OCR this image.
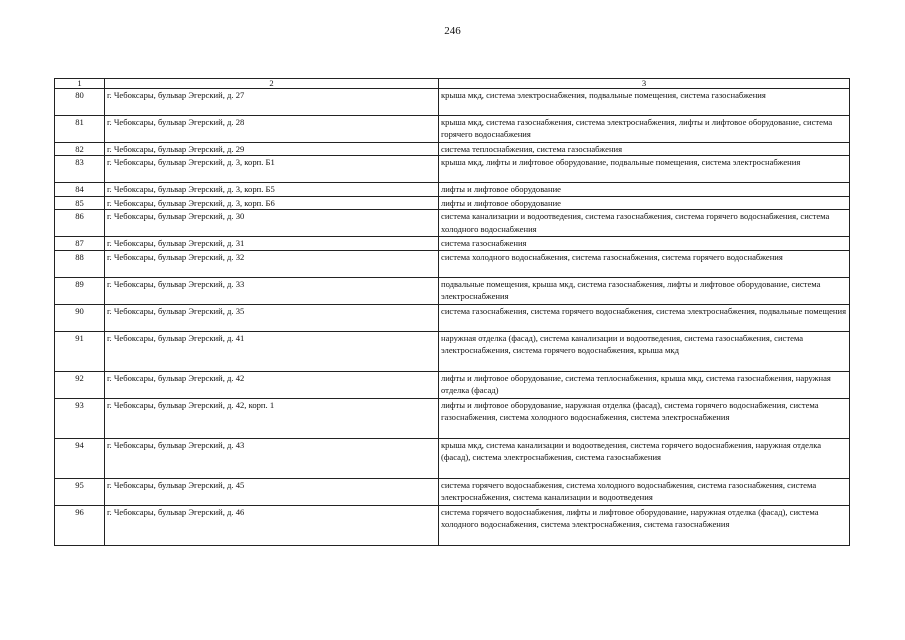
246
1	2	3
80	г. Чебоксары, бульвар Эгерский, д. 27	крыша мкд, система электроснабжения, подвальные помещения, система газоснабжения
81	г. Чебоксары, бульвар Эгерский, д. 28	крыша мкд, система газоснабжения, система электроснабжения, лифты и лифтовое оборудование, система горячего водоснабжения
82	г. Чебоксары, бульвар Эгерский, д. 29	система теплоснабжения, система газоснабжения
83	г. Чебоксары, бульвар Эгерский, д. 3, корп. Б1	крыша мкд, лифты и лифтовое оборудование, подвальные помещения, система электроснабжения
84	г. Чебоксары, бульвар Эгерский, д. 3, корп. Б5	лифты и лифтовое оборудование
85	г. Чебоксары, бульвар Эгерский, д. 3, корп. Б6	лифты и лифтовое оборудование
86	г. Чебоксары, бульвар Эгерский, д. 30	система канализации и водоотведения, система газоснабжения, система горячего водоснабжения, система холодного водоснабжения
87	г. Чебоксары, бульвар Эгерский, д. 31	система газоснабжения
88	г. Чебоксары, бульвар Эгерский, д. 32	система холодного водоснабжения, система газоснабжения, система горячего водоснабжения
89	г. Чебоксары, бульвар Эгерский, д. 33	подвальные помещения, крыша мкд, система газоснабжения, лифты и лифтовое оборудование, система электроснабжения
90	г. Чебоксары, бульвар Эгерский, д. 35	система газоснабжения, система горячего водоснабжения, система электроснабжения, подвальные помещения
91	г. Чебоксары, бульвар Эгерский, д. 41	наружная отделка (фасад), система канализации и водоотведения, система газоснабжения, система электроснабжения, система горячего водоснабжения, крыша мкд
92	г. Чебоксары, бульвар Эгерский, д. 42	лифты и лифтовое оборудование, система теплоснабжения, крыша мкд, система газоснабжения, наружная отделка (фасад)
93	г. Чебоксары, бульвар Эгерский, д. 42, корп. 1	лифты и лифтовое оборудование, наружная отделка (фасад), система горячего водоснабжения, система газоснабжения, система холодного водоснабжения, система электроснабжения
94	г. Чебоксары, бульвар Эгерский, д. 43	крыша мкд, система канализации и водоотведения, система горячего водоснабжения, наружная отделка (фасад), система электроснабжения, система газоснабжения
95	г. Чебоксары, бульвар Эгерский, д. 45	система горячего водоснабжения, система холодного водоснабжения, система газоснабжения, система электроснабжения, система канализации и водоотведения
96	г. Чебоксары, бульвар Эгерский, д. 46	система горячего водоснабжения, лифты и лифтовое оборудование, наружная отделка (фасад), система холодного водоснабжения, система электроснабжения, система газоснабжения
